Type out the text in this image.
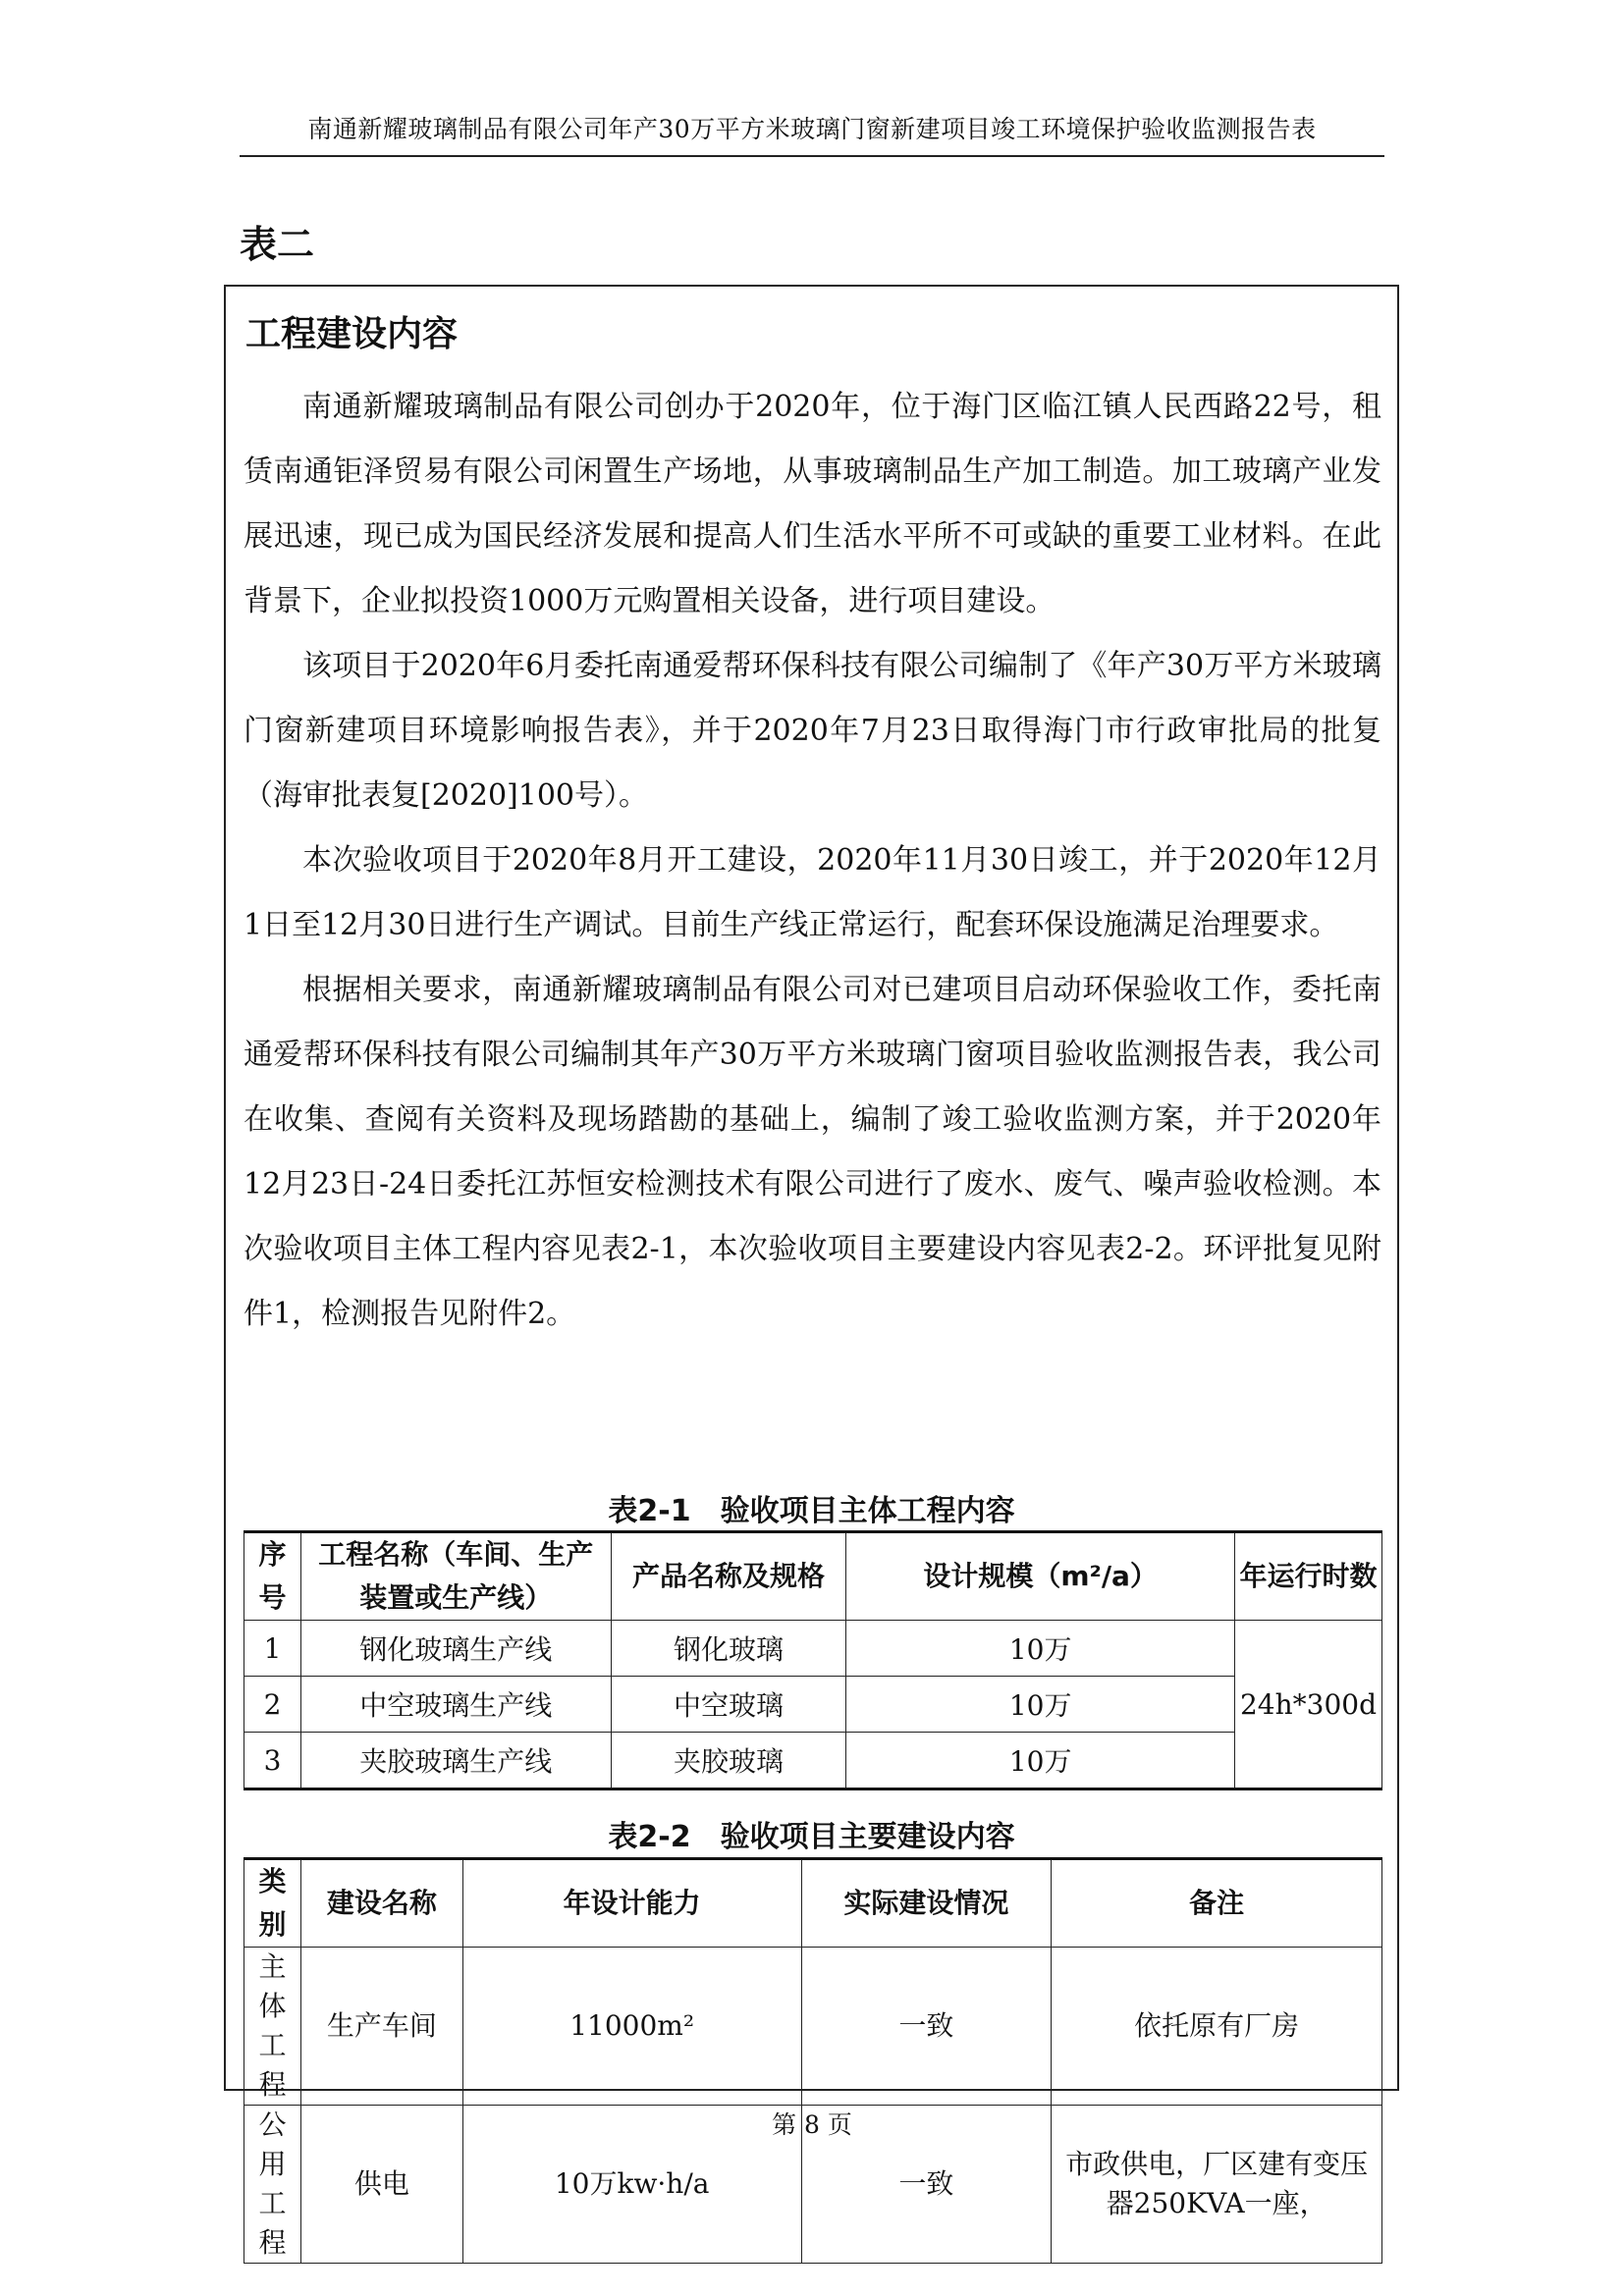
南通新耀玻璃制品有限公司年产30万平方米玻璃门窗新建项目竣工环境保护验收监测报告表
表二
工程建设内容

南通新耀玻璃制品有限公司创办于2020年，位于海门区临江镇人民西路22号，租赁南通钜泽贸易有限公司闲置生产场地，从事玻璃制品生产加工制造。加工玻璃产业发展迅速，现已成为国民经济发展和提高人们生活水平所不可或缺的重要工业材料。在此背景下，企业拟投资1000万元购置相关设备，进行项目建设。

该项目于2020年6月委托南通爱帮环保科技有限公司编制了《年产30万平方米玻璃门窗新建项目环境影响报告表》，并于2020年7月23日取得海门市行政审批局的批复（海审批表复[2020]100号）。

本次验收项目于2020年8月开工建设，2020年11月30日竣工，并于2020年12月1日至12月30日进行生产调试。目前生产线正常运行，配套环保设施满足治理要求。

根据相关要求，南通新耀玻璃制品有限公司对已建项目启动环保验收工作，委托南通爱帮环保科技有限公司编制其年产30万平方米玻璃门窗项目验收监测报告表，我公司在收集、查阅有关资料及现场踏勘的基础上，编制了竣工验收监测方案，并于2020年12月23日-24日委托江苏恒安检测技术有限公司进行了废水、废气、噪声验收检测。本次验收项目主体工程内容见表2-1，本次验收项目主要建设内容见表2-2。环评批复见附件1，检测报告见附件2。

表2-1　验收项目主体工程内容
序号	工程名称（车间、生产装置或生产线）	产品名称及规格	设计规模（m²/a）	年运行时数
1	钢化玻璃生产线	钢化玻璃	10万	24h*300d
2	中空玻璃生产线	中空玻璃	10万	
3	夹胶玻璃生产线	夹胶玻璃	10万	
表2-2　验收项目主要建设内容
类别	建设名称	年设计能力	实际建设情况	备注
主体工程	生产车间	11000m²	一致	依托原有厂房
公用工程	供电	10万kw·h/a	一致	市政供电，厂区建有变压器250KVA一座，
第 8 页
